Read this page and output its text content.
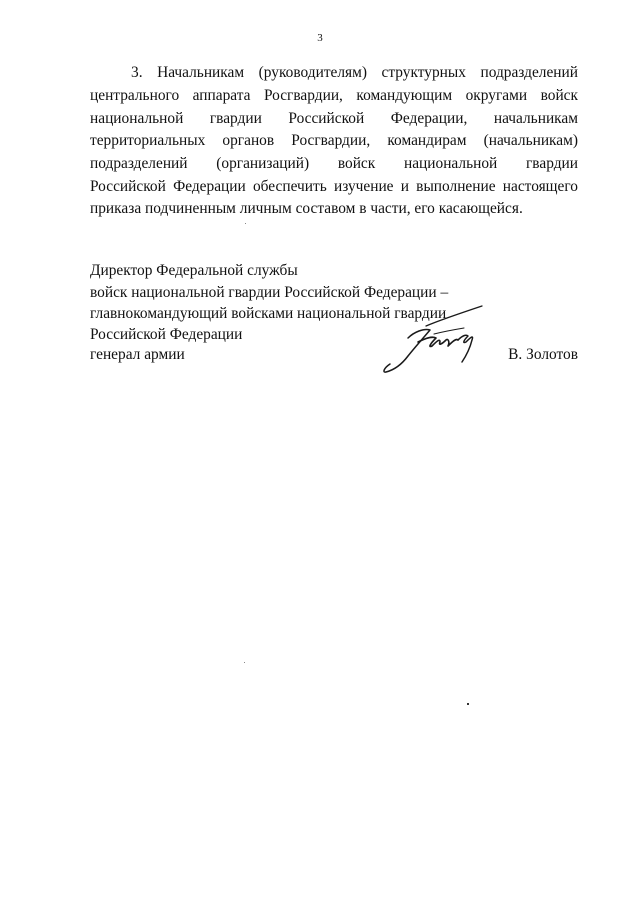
3
3. Начальникам (руководителям) структурных подразделений
центрального аппарата Росгвардии, командующим округами войск
национальной гвардии Российской Федерации, начальникам
территориальных органов Росгвардии, командирам (начальникам)
подразделений (организаций) войск национальной гвардии
Российской Федерации обеспечить изучение и выполнение настоящего
приказа подчиненным личным составом в части, его касающейся.
Директор Федеральной службы
войск национальной гвардии Российской Федерации –
главнокомандующий войсками национальной гвардии
Российской Федерации
генерал армии	В. Золотов
